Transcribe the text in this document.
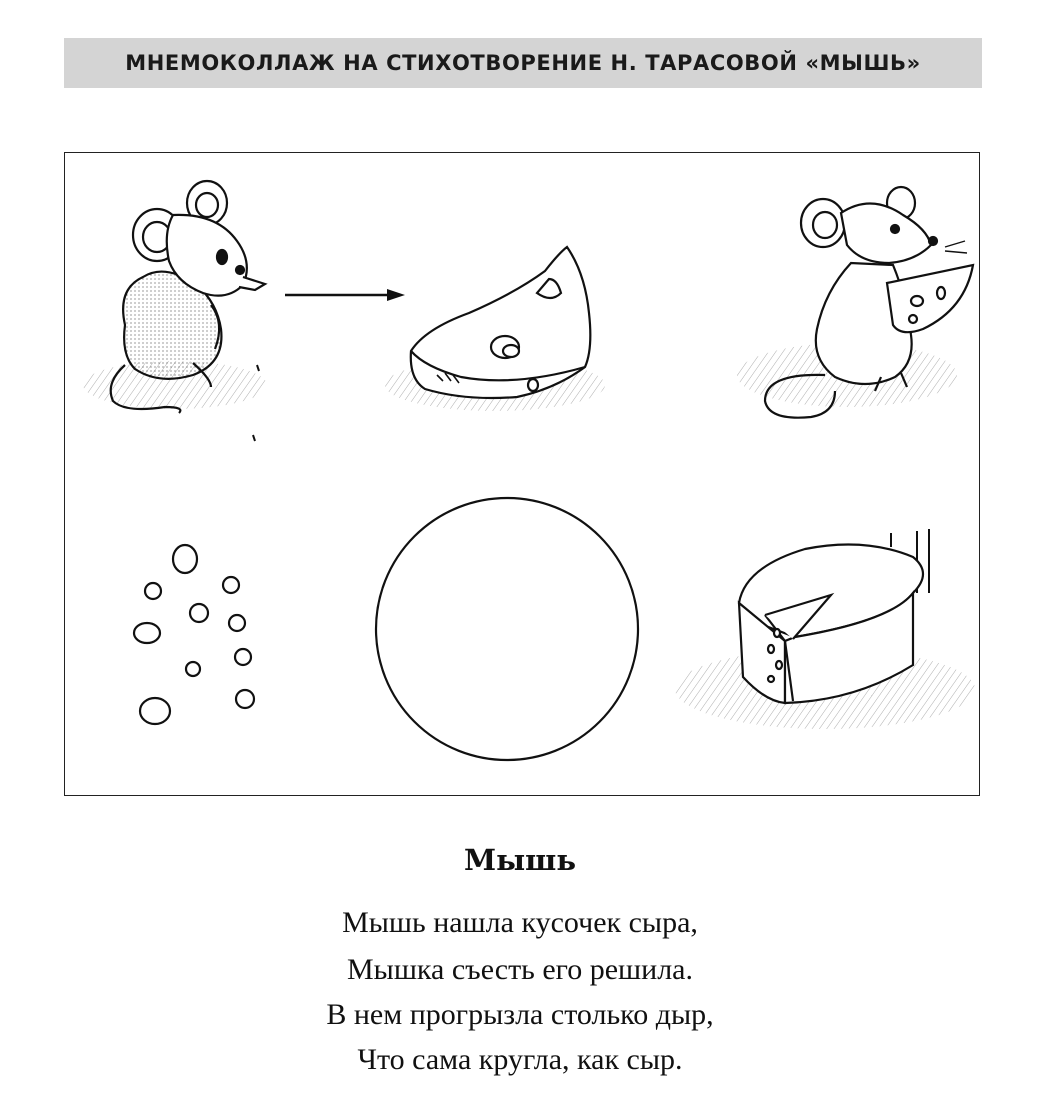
МНЕМОКОЛЛАЖ НА СТИХОТВОРЕНИЕ Н. ТАРАСОВОЙ «МЫШЬ»
Мышь
Мышь нашла кусочек сыра,
Мышка съесть его решила.
В нем прогрызла столько дыр,
Что сама кругла, как сыр.
